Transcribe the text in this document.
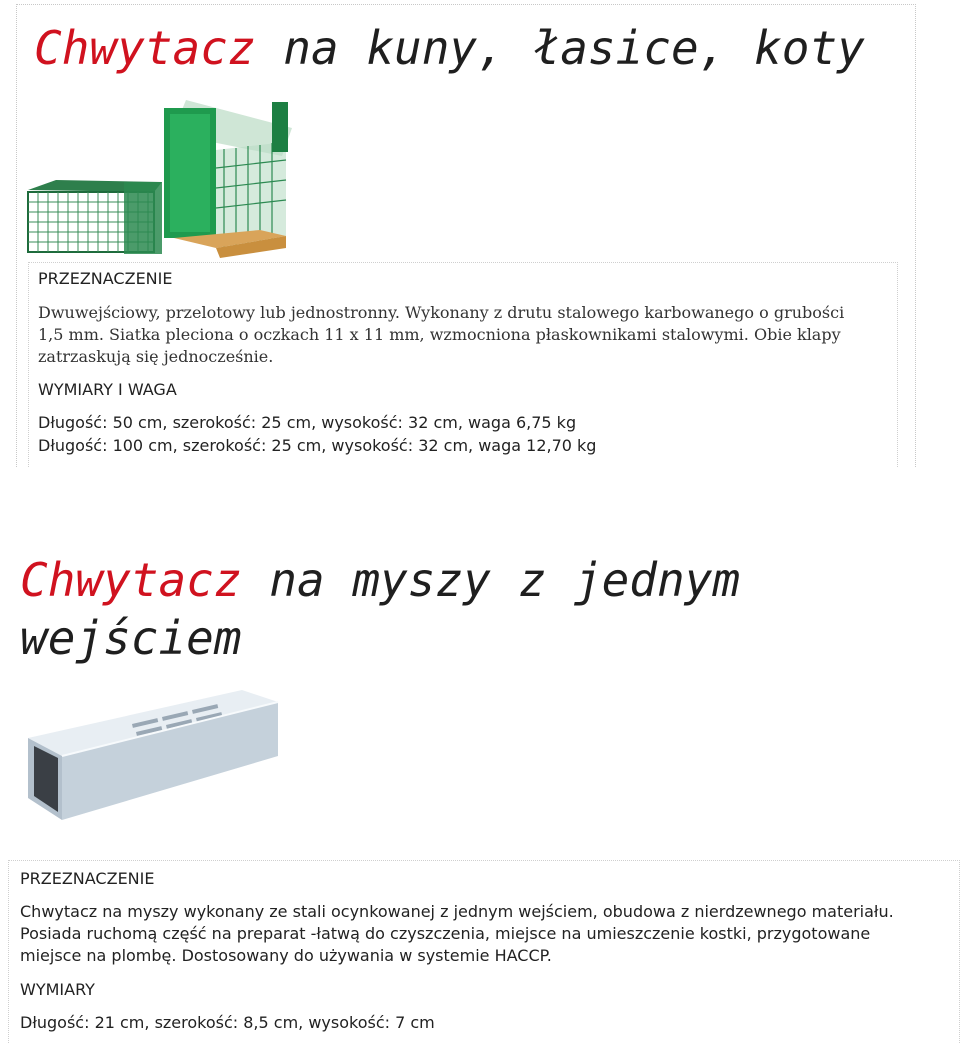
Chwytacz na kuny, łasice, koty
PRZEZNACZENIE
Dwuwejściowy, przelotowy lub jednostronny. Wykonany z drutu stalowego karbowanego o grubości 1,5 mm. Siatka pleciona o oczkach 11 x 11 mm, wzmocniona płaskownikami stalowymi. Obie klapy zatrzaskują się jednocześnie.
WYMIARY I WAGA
Długość: 50 cm, szerokość: 25 cm, wysokość: 32 cm, waga 6,75 kg
Długość: 100 cm, szerokość: 25 cm, wysokość: 32 cm, waga 12,70 kg
Chwytacz na myszy z jednym
wejściem
PRZEZNACZENIE
Chwytacz na myszy wykonany ze stali ocynkowanej z jednym wejściem, obudowa z nierdzewnego materiału. Posiada ruchomą część na preparat -łatwą do czyszczenia, miejsce na umieszczenie kostki, przygotowane miejsce na plombę. Dostosowany do używania w systemie HACCP.
WYMIARY
Długość: 21 cm, szerokość: 8,5 cm, wysokość: 7 cm
